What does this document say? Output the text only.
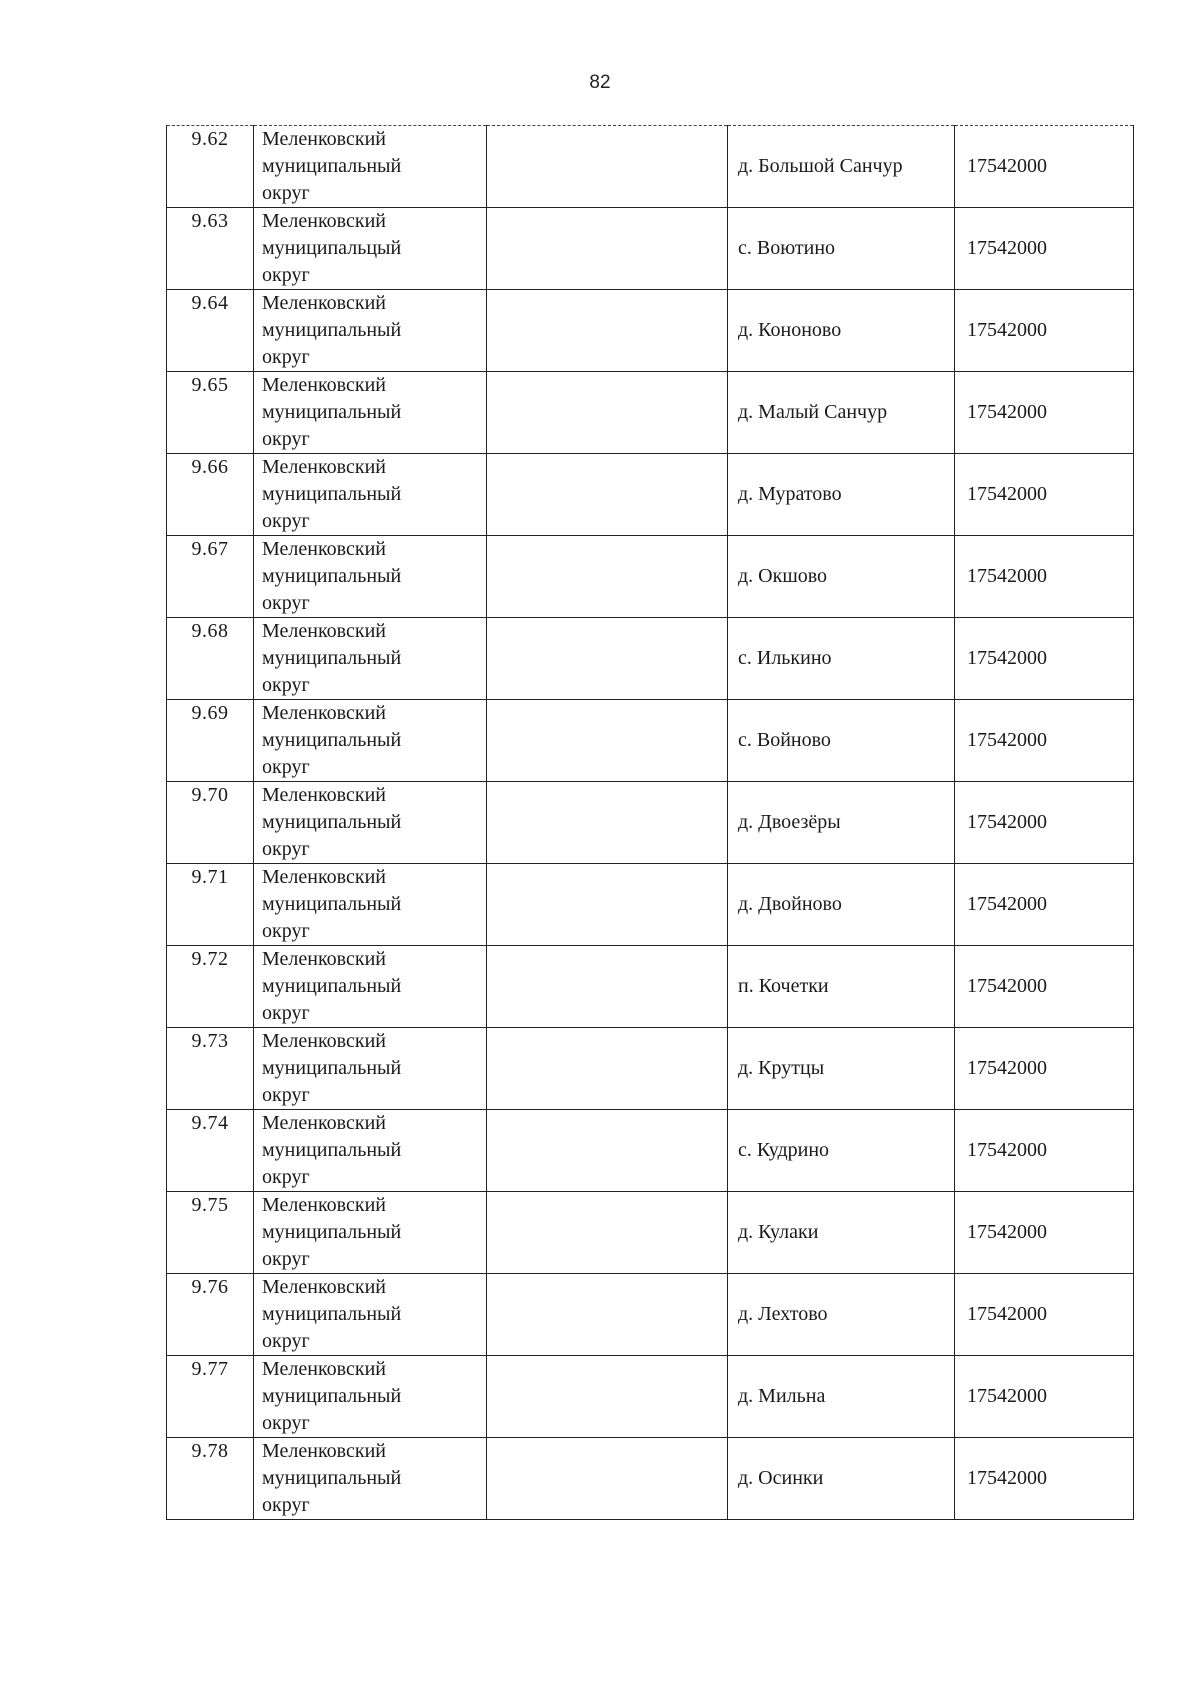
82
9.62	Меленковский
муниципальный
округ		д. Большой Санчур	17542000
9.63	Меленковский
муниципальцый
округ		с. Воютино	17542000
9.64	Меленковский
муниципальный
округ		д. Кононово	17542000
9.65	Меленковский
муниципальный
округ		д. Малый Санчур	17542000
9.66	Меленковский
муниципальный
округ		д. Муратово	17542000
9.67	Меленковский
муниципальный
округ		д. Окшово	17542000
9.68	Меленковский
муниципальный
округ		с. Илькино	17542000
9.69	Меленковский
муниципальный
округ		с. Войново	17542000
9.70	Меленковский
муниципальный
округ		д. Двоезёры	17542000
9.71	Меленковский
муниципальный
округ		д. Двойново	17542000
9.72	Меленковский
муниципальный
округ		п. Кочетки	17542000
9.73	Меленковский
муниципальный
округ		д. Крутцы	17542000
9.74	Меленковский
муниципальный
округ		с. Кудрино	17542000
9.75	Меленковский
муниципальный
округ		д. Кулаки	17542000
9.76	Меленковский
муниципальный
округ		д. Лехтово	17542000
9.77	Меленковский
муниципальный
округ		д. Мильна	17542000
9.78	Меленковский
муниципальный
округ		д. Осинки	17542000
